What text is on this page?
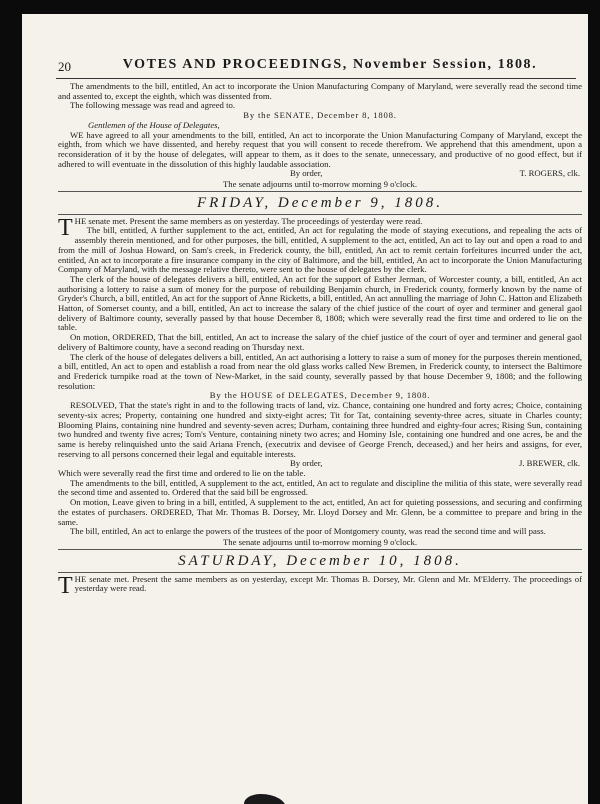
20	VOTES AND PROCEEDINGS, November Session, 1808.

The amendments to the bill, entitled, An act to incorporate the Union Manufacturing Company of Maryland, were severally read the second time and assented to, except the eighth, which was dissented from.

The following message was read and agreed to.

By the SENATE, December 8, 1808.

Gentlemen of the House of Delegates,

WE have agreed to all your amendments to the bill, entitled, An act to incorporate the Union Manufacturing Company of Maryland, except the eighth, from which we have dissented, and hereby request that you will consent to recede therefrom. We apprehend that this amendment, upon a reconsideration of it by the house of delegates, will appear to them, as it does to the senate, unnecessary, and productive of no good effect, but if adhered to will eventuate in the dissolution of this highly laudable association.

By order,	T. ROGERS, clk.

The senate adjourns until to-morrow morning 9 o'clock.

FRIDAY, December 9, 1808.

THE senate met. Present the same members as on yesterday. The proceedings of yesterday were read.

The bill, entitled, A further supplement to the act, entitled, An act for regulating the mode of staying executions, and repealing the acts of assembly therein mentioned, and for other purposes, the bill, entitled, A supplement to the act, entitled, An act to lay out and open a road to and from the mill of Joshua Howard, on Sam's creek, in Frederick county, the bill, entitled, An act to remit certain forfeitures incurred under the act, entitled, An act to incorporate a fire insurance company in the city of Baltimore, and the bill, entitled, An act to incorporate the Union Manufacturing Company of Maryland, with the message relative thereto, were sent to the house of delegates by the clerk.

The clerk of the house of delegates delivers a bill, entitled, An act for the support of Esther Jerman, of Worcester county, a bill, entitled, An act authorising a lottery to raise a sum of money for the purpose of rebuilding Benjamin church, in Frederick county, formerly known by the name of Gryder's Church, a bill, entitled, An act for the support of Anne Ricketts, a bill, entitled, An act annulling the marriage of John C. Hatton and Elizabeth Hatton, of Somerset county, and a bill, entitled, An act to increase the salary of the chief justice of the court of oyer and terminer and general gaol delivery of Baltimore county, severally passed by that house December 8, 1808; which were severally read the first time and ordered to lie on the table.

On motion, ORDERED, That the bill, entitled, An act to increase the salary of the chief justice of the court of oyer and terminer and general gaol delivery of Baltimore county, have a second reading on Thursday next.

The clerk of the house of delegates delivers a bill, entitled, An act authorising a lottery to raise a sum of money for the purposes therein mentioned, a bill, entitled, An act to open and establish a road from near the old glass works called New Bremen, in Frederick county, to intersect the Baltimore and Frederick turnpike road at the town of New-Market, in the said county, severally passed by that house December 9, 1808; and the following resolution:

By the HOUSE of DELEGATES, December 9, 1808.

RESOLVED, That the state's right in and to the following tracts of land, viz. Chance, containing one hundred and forty acres; Choice, containing seventy-six acres; Property, containing one hundred and sixty-eight acres; Tit for Tat, containing seventy-three acres, situate in Charles county; Blooming Plains, containing nine hundred and seventy-seven acres; Durham, containing three hundred and eighty-four acres; Rising Sun, containing two hundred and twenty five acres; Tom's Venture, containing ninety two acres; and Hominy Isle, containing one hundred and one acres, be and the same is hereby relinquished unto the said Ariana French, (executrix and devisee of George French, deceased,) and her heirs and assigns, for ever, reserving to all persons concerned their legal and equitable interests.

By order,	J. BREWER, clk.

Which were severally read the first time and ordered to lie on the table.

The amendments to the bill, entitled, A supplement to the act, entitled, An act to regulate and discipline the militia of this state, were severally read the second time and assented to. Ordered that the said bill be engrossed.

On motion, Leave given to bring in a bill, entitled, A supplement to the act, entitled, An act for quieting possessions, and securing and confirming the estates of purchasers. ORDERED, That Mr. Thomas B. Dorsey, Mr. Lloyd Dorsey and Mr. Glenn, be a committee to prepare and bring in the same.

The bill, entitled, An act to enlarge the powers of the trustees of the poor of Montgomery county, was read the second time and will pass.

The senate adjourns until to-morrow morning 9 o'clock.

SATURDAY, December 10, 1808.

THE senate met. Present the same members as on yesterday, except Mr. Thomas B. Dorsey, Mr. Glenn and Mr. M'Elderry. The proceedings of yesterday were read.
